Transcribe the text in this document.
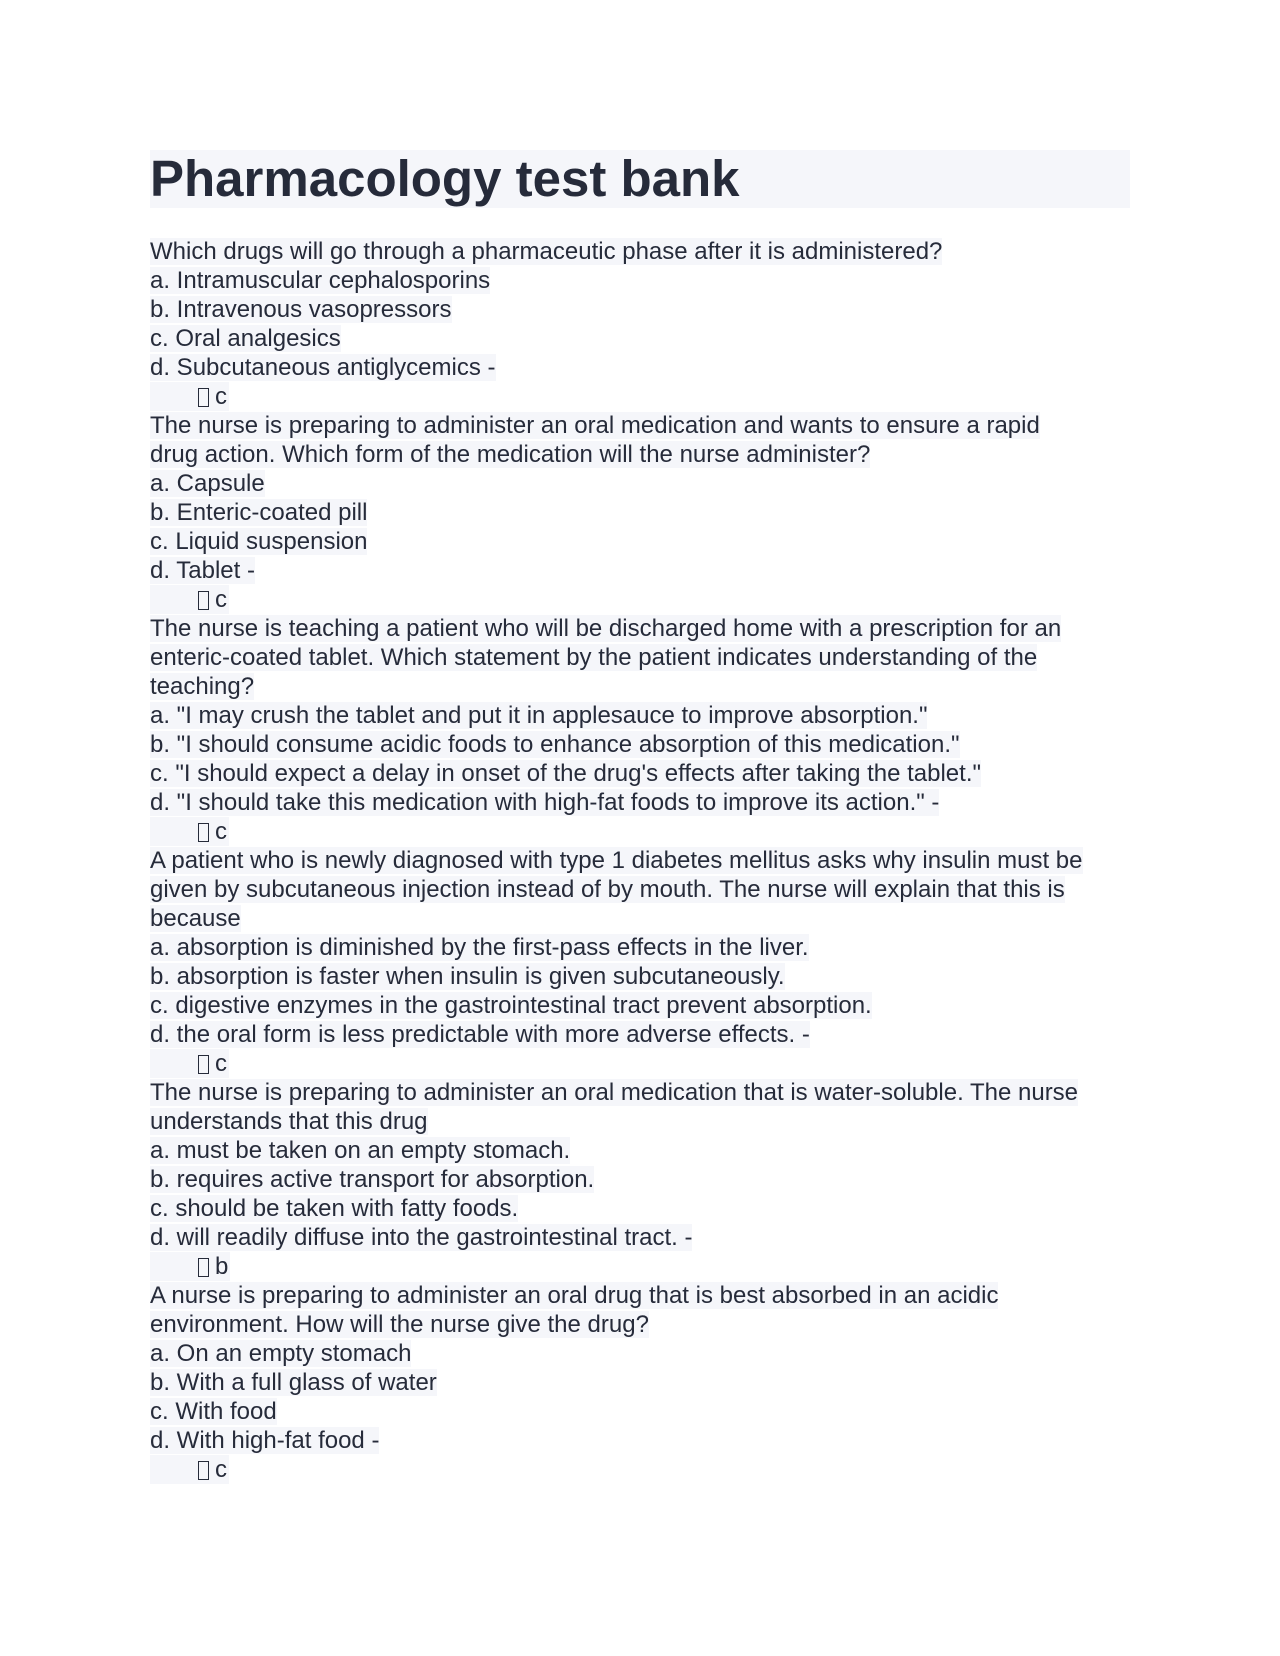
Pharmacology test bank
Which drugs will go through a pharmaceutic phase after it is administered?
a. Intramuscular cephalosporins
b. Intravenous vasopressors
c. Oral analgesics
d. Subcutaneous antiglycemics -
c
The nurse is preparing to administer an oral medication and wants to ensure a rapid
drug action. Which form of the medication will the nurse administer?
a. Capsule
b. Enteric-coated pill
c. Liquid suspension
d. Tablet -
c
The nurse is teaching a patient who will be discharged home with a prescription for an
enteric-coated tablet. Which statement by the patient indicates understanding of the
teaching?
a. "I may crush the tablet and put it in applesauce to improve absorption."
b. "I should consume acidic foods to enhance absorption of this medication."
c. "I should expect a delay in onset of the drug's effects after taking the tablet."
d. "I should take this medication with high-fat foods to improve its action." -
c
A patient who is newly diagnosed with type 1 diabetes mellitus asks why insulin must be
given by subcutaneous injection instead of by mouth. The nurse will explain that this is
because
a. absorption is diminished by the first-pass effects in the liver.
b. absorption is faster when insulin is given subcutaneously.
c. digestive enzymes in the gastrointestinal tract prevent absorption.
d. the oral form is less predictable with more adverse effects. -
c
The nurse is preparing to administer an oral medication that is water-soluble. The nurse
understands that this drug
a. must be taken on an empty stomach.
b. requires active transport for absorption.
c. should be taken with fatty foods.
d. will readily diffuse into the gastrointestinal tract. -
b
A nurse is preparing to administer an oral drug that is best absorbed in an acidic
environment. How will the nurse give the drug?
a. On an empty stomach
b. With a full glass of water
c. With food
d. With high-fat food -
c
